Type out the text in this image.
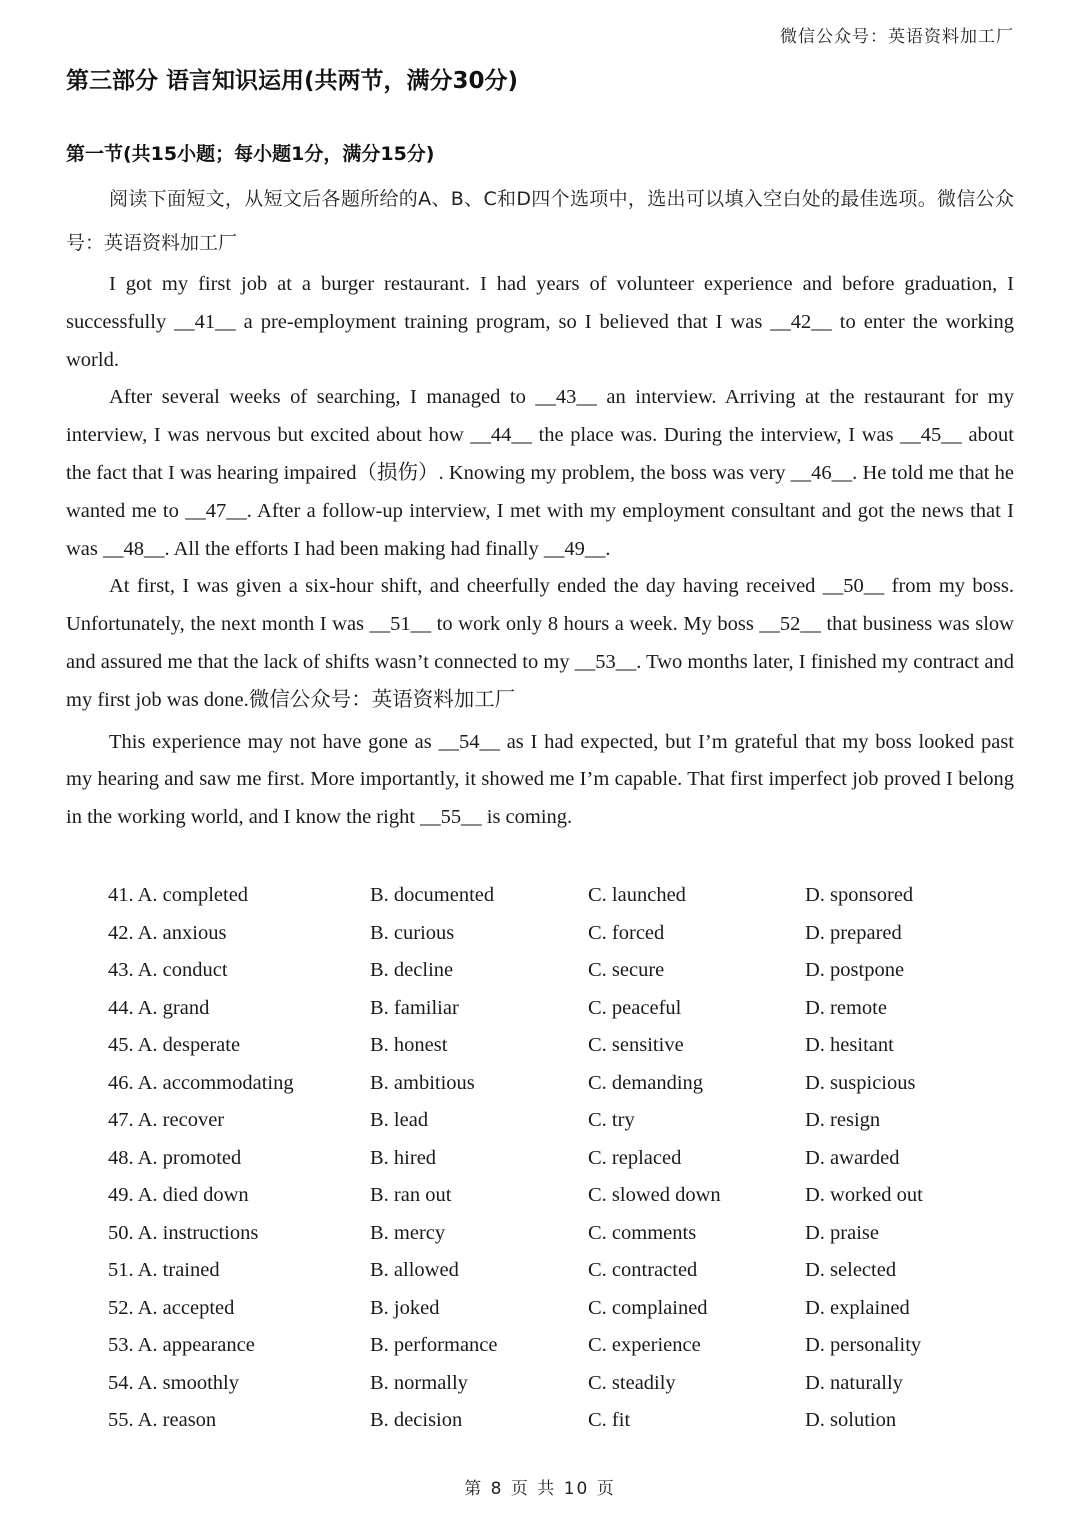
微信公众号：英语资料加工厂
第三部分 语言知识运用(共两节，满分30分)
第一节(共15小题；每小题1分，满分15分)
阅读下面短文，从短文后各题所给的A、B、C和D四个选项中，选出可以填入空白处的最佳选项。微信公众号：英语资料加工厂

I got my first job at a burger restaurant. I had years of volunteer experience and before graduation, I successfully __41__ a pre-employment training program, so I believed that I was __42__ to enter the working world.

After several weeks of searching, I managed to __43__ an interview. Arriving at the restaurant for my interview, I was nervous but excited about how __44__ the place was. During the interview, I was __45__ about the fact that I was hearing impaired（损伤）. Knowing my problem, the boss was very __46__. He told me that he wanted me to __47__. After a follow-up interview, I met with my employment consultant and got the news that I was __48__. All the efforts I had been making had finally __49__.

At first, I was given a six-hour shift, and cheerfully ended the day having received __50__ from my boss. Unfortunately, the next month I was __51__ to work only 8 hours a week. My boss __52__ that business was slow and assured me that the lack of shifts wasn’t connected to my __53__. Two months later, I finished my contract and my first job was done.微信公众号：英语资料加工厂

This experience may not have gone as __54__ as I had expected, but I’m grateful that my boss looked past my hearing and saw me first. More importantly, it showed me I’m capable. That first imperfect job proved I belong in the working world, and I know the right __55__ is coming.

41. A. completed	B. documented	C. launched	D. sponsored
42. A. anxious	B. curious	C. forced	D. prepared
43. A. conduct	B. decline	C. secure	D. postpone
44. A. grand	B. familiar	C. peaceful	D. remote
45. A. desperate	B. honest	C. sensitive	D. hesitant
46. A. accommodating	B. ambitious	C. demanding	D. suspicious
47. A. recover	B. lead	C. try	D. resign
48. A. promoted	B. hired	C. replaced	D. awarded
49. A. died down	B. ran out	C. slowed down	D. worked out
50. A. instructions	B. mercy	C. comments	D. praise
51. A. trained	B. allowed	C. contracted	D. selected
52. A. accepted	B. joked	C. complained	D. explained
53. A. appearance	B. performance	C. experience	D. personality
54. A. smoothly	B. normally	C. steadily	D. naturally
55. A. reason	B. decision	C. fit	D. solution
第 8 页 共 10 页
